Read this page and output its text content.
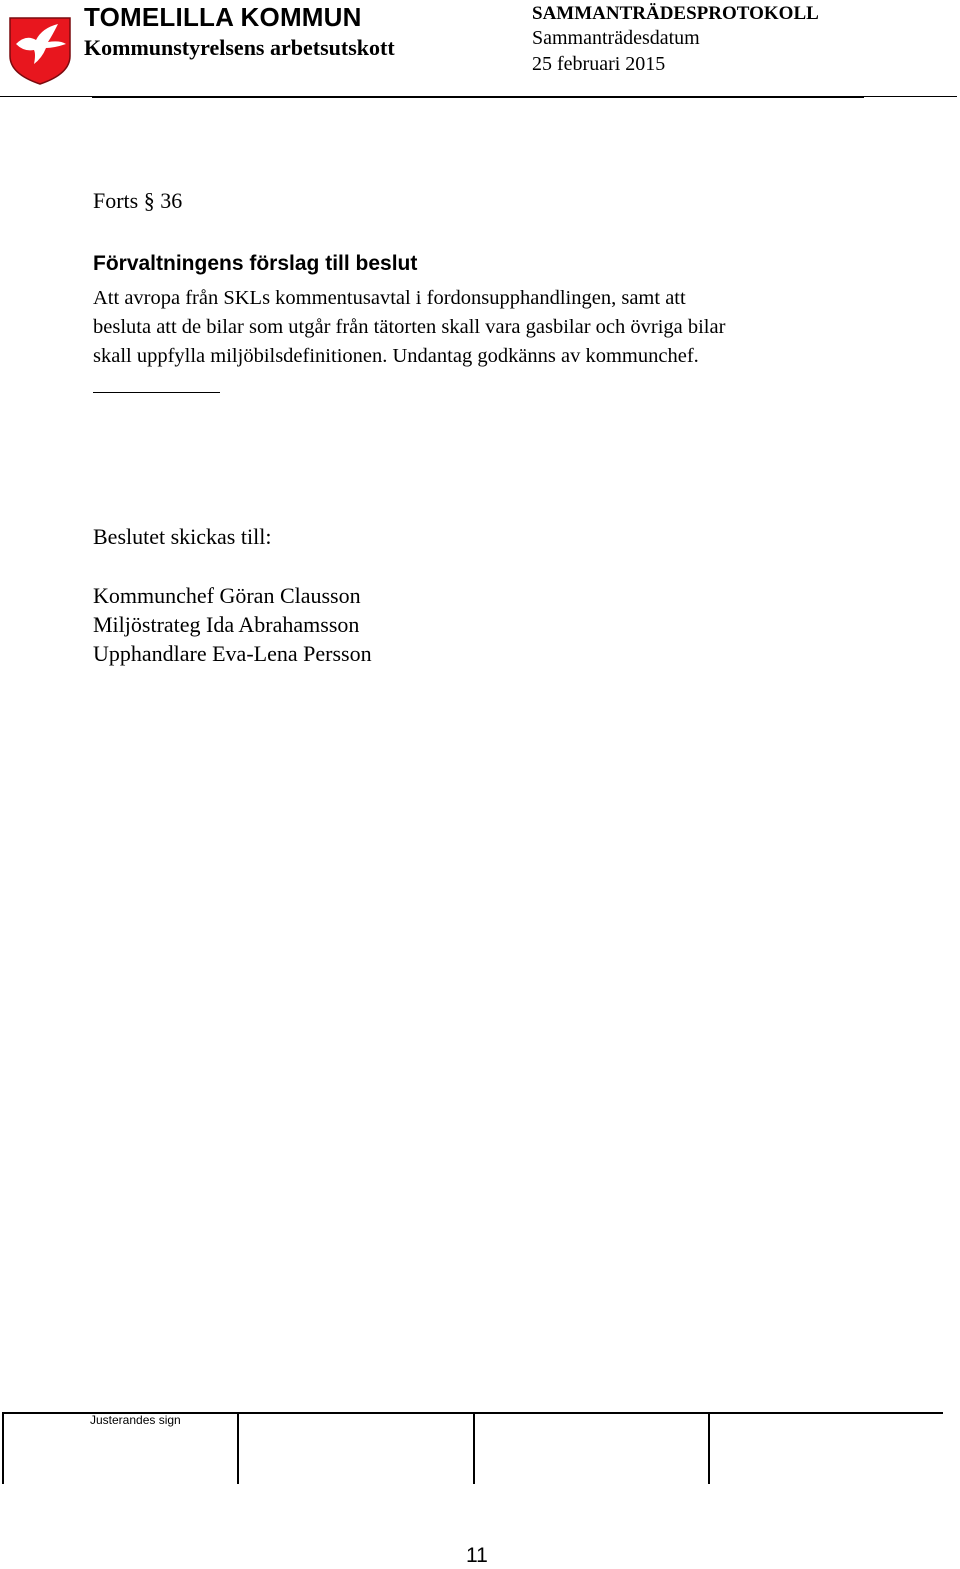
TOMELILLA KOMMUN
Kommunstyrelsens arbetsutskott
SAMMANTRÄDESPROTOKOLL
Sammanträdesdatum
25 februari 2015
Forts § 36
Förvaltningens förslag till beslut

Att avropa från SKLs kommentusavtal i fordonsupphandlingen, samt att
besluta att de bilar som utgår från tätorten skall vara gasbilar och övriga bilar
skall uppfylla miljöbilsdefinitionen. Undantag godkänns av kommunchef.

Beslutet skickas till:
Kommunchef Göran Clausson
Miljöstrateg Ida Abrahamsson
Upphandlare Eva-Lena Persson
Justerandes sign
11
